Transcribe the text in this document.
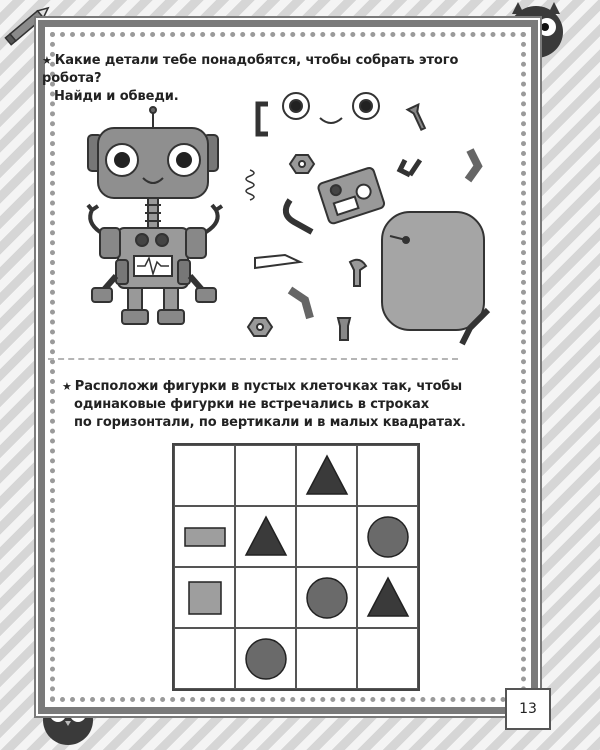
★ Какие детали тебе понадобятся, чтобы собрать этого робота?

Найди и обведи.

★ Расположи фигурки в пустых клеточках так, чтобы

одинаковые фигурки не встречались в строках

по горизонтали, по вертикали и в малых квадратах.

13
